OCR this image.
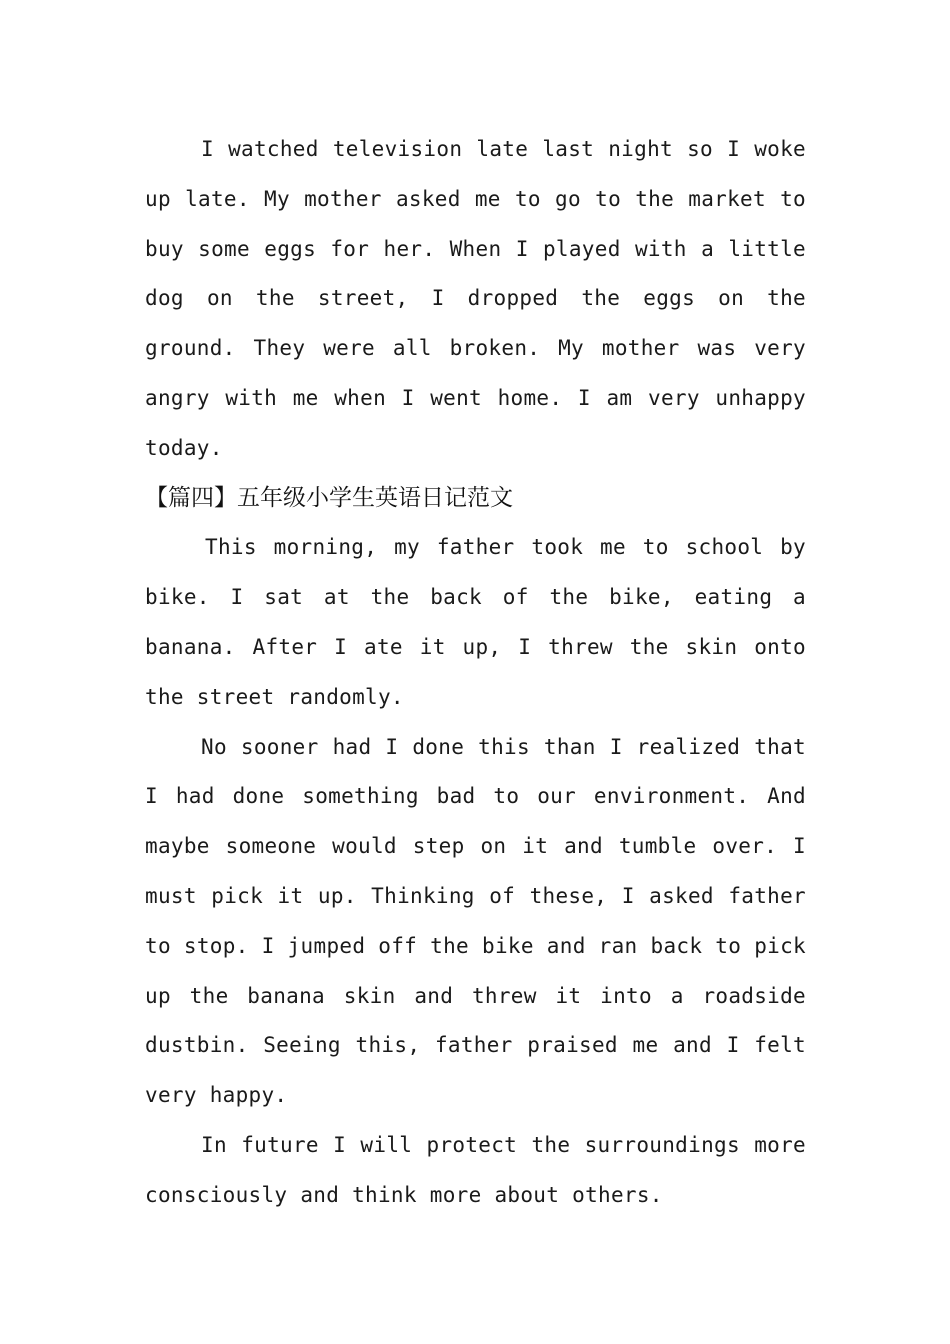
I watched television late last night so I woke up late. My mother asked me to go to the market to buy some eggs for her. When I played with a little dog on the street, I dropped the eggs on the ground. They were all broken. My mother was very angry with me when I went home. I am very unhappy today.

【篇四】五年级小学生英语日记范文

This morning, my father took me to school by bike. I sat at the back of the bike, eating a banana. After I ate it up, I threw the skin onto the street randomly.

No sooner had I done this than I realized that I had done something bad to our environment. And maybe someone would step on it and tumble over. I must pick it up. Thinking of these, I asked father to stop. I jumped off the bike and ran back to pick up the banana skin and threw it into a roadside dustbin. Seeing this, father praised me and I felt very happy.

In future I will protect the surroundings more consciously and think more about others.
